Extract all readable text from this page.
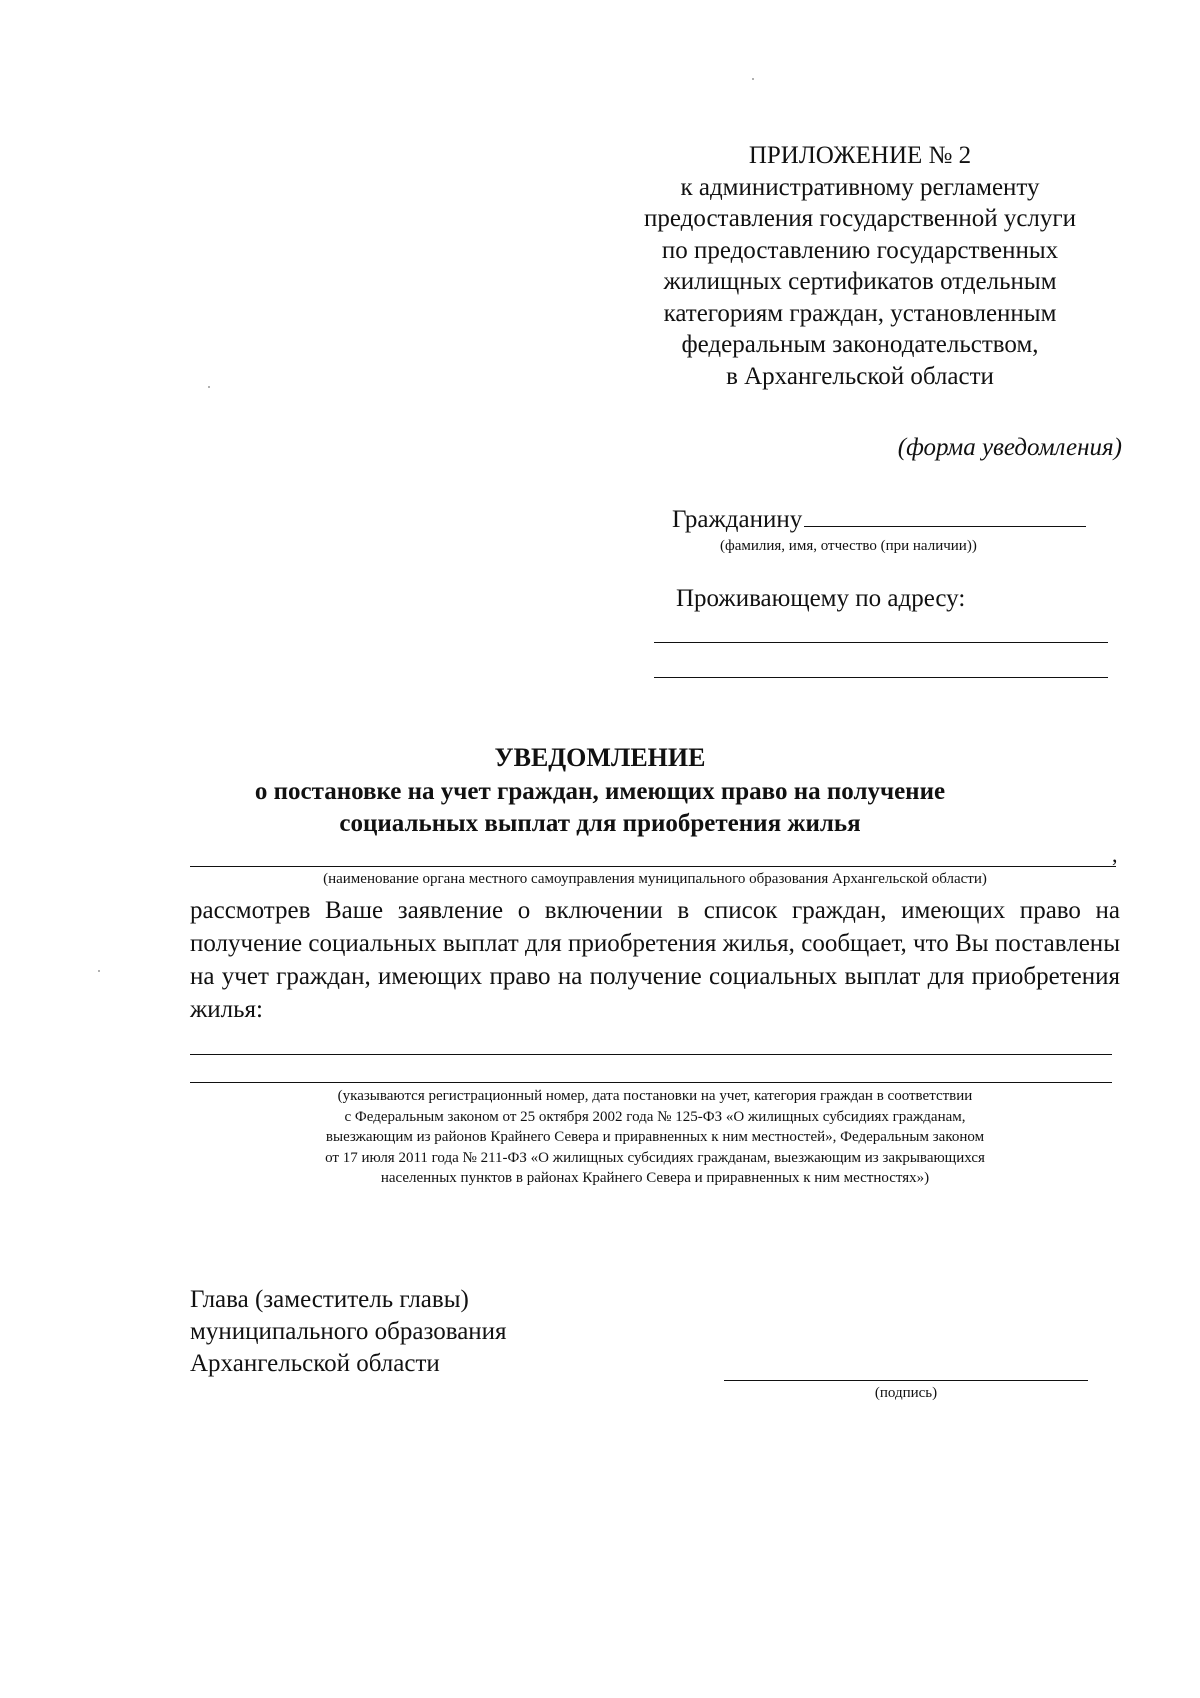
ПРИЛОЖЕНИЕ № 2
к административному регламенту
предоставления государственной услуги
по предоставлению государственных
жилищных сертификатов отдельным
категориям граждан, установленным
федеральным законодательством,
в Архангельской области
(форма уведомления)
Гражданину
(фамилия, имя, отчество (при наличии))
Проживающему по адресу:
УВЕДОМЛЕНИЕ
о постановке на учет граждан, имеющих право на получение
социальных выплат для приобретения жилья
,
(наименование органа местного самоуправления муниципального образования Архангельской области)
рассмотрев Ваше заявление о включении в список граждан, имеющих право на получение социальных выплат для приобретения жилья, сообщает, что Вы поставлены на учет граждан, имеющих право на получение социальных выплат для приобретения жилья:
(указываются регистрационный номер, дата постановки на учет, категория граждан в соответствии
с Федеральным законом от 25 октября 2002 года № 125-ФЗ «О жилищных субсидиях гражданам,
выезжающим из районов Крайнего Севера и приравненных к ним местностей», Федеральным законом
от 17 июля 2011 года № 211-ФЗ «О жилищных субсидиях гражданам, выезжающим из закрывающихся
населенных пунктов в районах Крайнего Севера и приравненных к ним местностях»)
Глава (заместитель главы)
муниципального образования
Архангельской области
(подпись)
